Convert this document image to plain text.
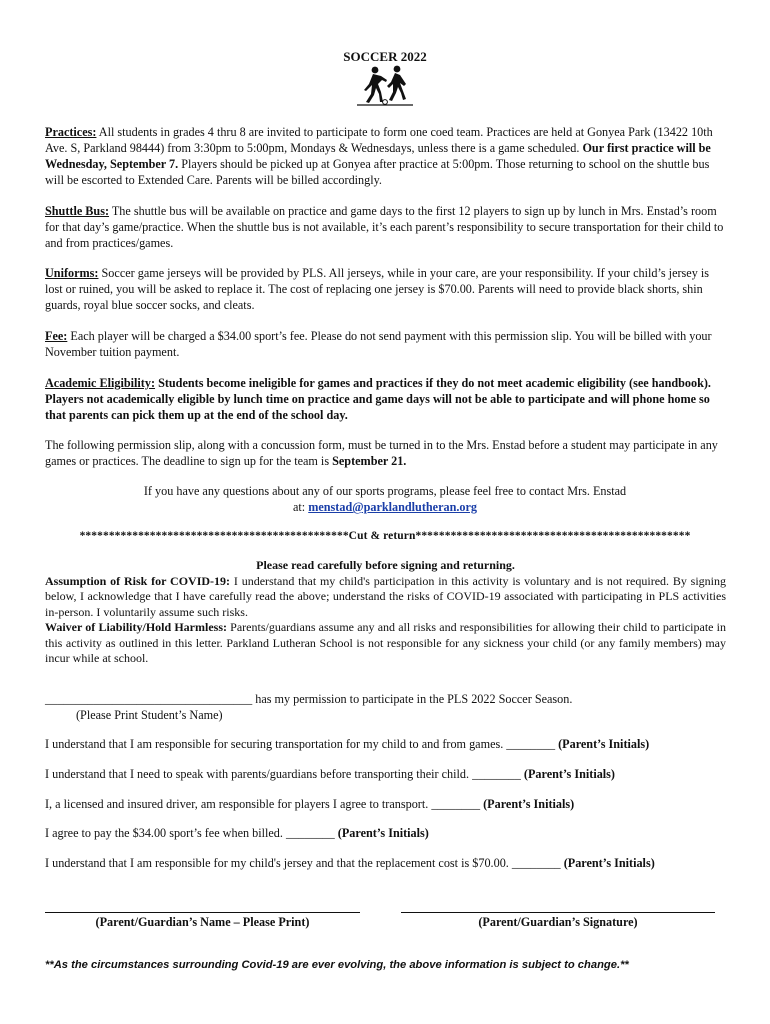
SOCCER 2022
Practices: All students in grades 4 thru 8 are invited to participate to form one coed team. Practices are held at Gonyea Park (13422 10th Ave. S, Parkland 98444) from 3:30pm to 5:00pm, Mondays & Wednesdays, unless there is a game scheduled. Our first practice will be Wednesday, September 7. Players should be picked up at Gonyea after practice at 5:00pm. Those returning to school on the shuttle bus will be escorted to Extended Care. Parents will be billed accordingly.
Shuttle Bus: The shuttle bus will be available on practice and game days to the first 12 players to sign up by lunch in Mrs. Enstad’s room for that day’s game/practice. When the shuttle bus is not available, it’s each parent’s responsibility to secure transportation for their child to and from practices/games.
Uniforms: Soccer game jerseys will be provided by PLS. All jerseys, while in your care, are your responsibility. If your child’s jersey is lost or ruined, you will be asked to replace it. The cost of replacing one jersey is $70.00. Parents will need to provide black shorts, shin guards, royal blue soccer socks, and cleats.
Fee: Each player will be charged a $34.00 sport’s fee. Please do not send payment with this permission slip. You will be billed with your November tuition payment.
Academic Eligibility: Students become ineligible for games and practices if they do not meet academic eligibility (see handbook). Players not academically eligible by lunch time on practice and game days will not be able to participate and will phone home so that parents can pick them up at the end of the school day.
The following permission slip, along with a concussion form, must be turned in to the Mrs. Enstad before a student may participate in any games or practices. The deadline to sign up for the team is September 21.
If you have any questions about any of our sports programs, please feel free to contact Mrs. Enstad
at: menstad@parklandlutheran.org
**********************************************Cut & return***********************************************
Please read carefully before signing and returning.
Assumption of Risk for COVID-19: I understand that my child's participation in this activity is voluntary and is not required. By signing below, I acknowledge that I have carefully read the above; understand the risks of COVID-19 associated with participating in PLS activities in-person. I voluntarily assume such risks.
Waiver of Liability/Hold Harmless: Parents/guardians assume any and all risks and responsibilities for allowing their child to participate in this activity as outlined in this letter. Parkland Lutheran School is not responsible for any sickness your child (or any family members) may incur while at school.
__________________________________ has my permission to participate in the PLS 2022 Soccer Season.
(Please Print Student’s Name)
I understand that I am responsible for securing transportation for my child to and from games. ________ (Parent’s Initials)
I understand that I need to speak with parents/guardians before transporting their child. ________ (Parent’s Initials)
I, a licensed and insured driver, am responsible for players I agree to transport. ________ (Parent’s Initials)
I agree to pay the $34.00 sport’s fee when billed. ________ (Parent’s Initials)
I understand that I am responsible for my child's jersey and that the replacement cost is $70.00. ________ (Parent’s Initials)
(Parent/Guardian’s Name – Please Print)	(Parent/Guardian’s Signature)
**As the circumstances surrounding Covid-19 are ever evolving, the above information is subject to change.**
